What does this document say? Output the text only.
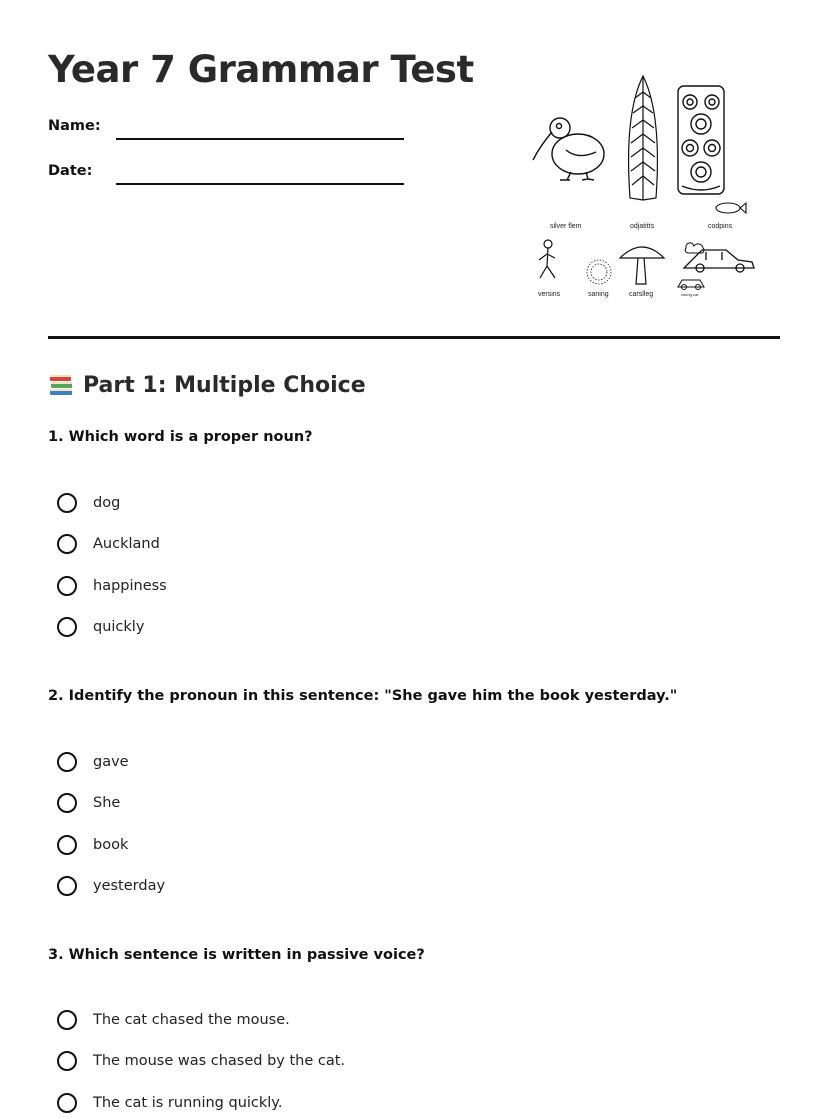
Year 7 Grammar Test
Name:
Date:
silver flem	odjatitts	codpins
versins	saning	carslleg	racing car
Part 1: Multiple Choice

1. Which word is a proper noun?

dog
Auckland
happiness
quickly

2. Identify the pronoun in this sentence: "She gave him the book yesterday."

gave
She
book
yesterday

3. Which sentence is written in passive voice?

The cat chased the mouse.
The mouse was chased by the cat.
The cat is running quickly.
